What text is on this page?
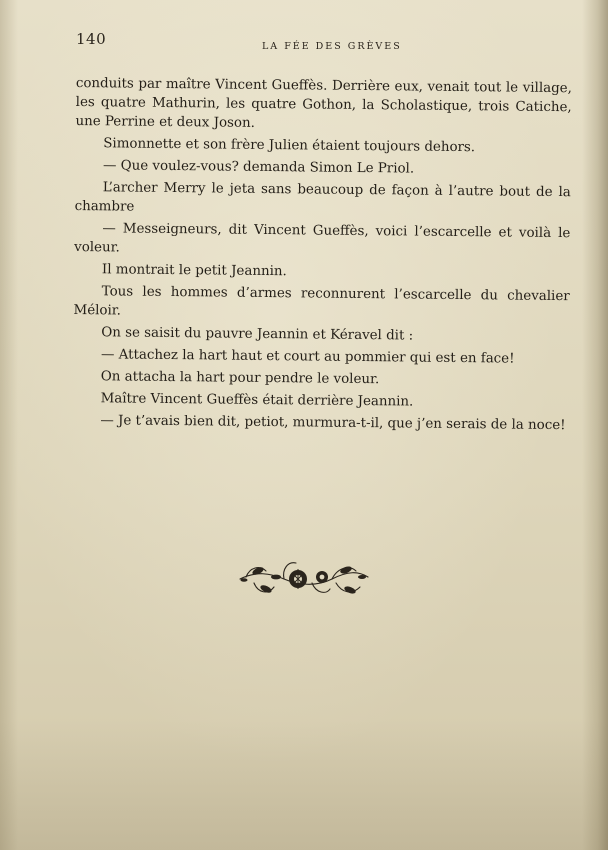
140	LA FÉE DES GRÈVES

conduits par maître Vincent Gueffès. Derrière eux, venait tout le village, les quatre Mathurin, les quatre Gothon, la Scholastique, trois Catiche, une Perrine et deux Joson.

Simonnette et son frère Julien étaient toujours dehors.

— Que voulez-vous? demanda Simon Le Priol.

L’archer Merry le jeta sans beaucoup de façon à l’autre bout de la chambre

— Messeigneurs, dit Vincent Gueffès, voici l’escarcelle et voilà le voleur.

Il montrait le petit Jeannin.

Tous les hommes d’armes reconnurent l’escarcelle du chevalier Méloir.

On se saisit du pauvre Jeannin et Kéravel dit :

— Attachez la hart haut et court au pommier qui est en face!

On attacha la hart pour pendre le voleur.

Maître Vincent Gueffès était derrière Jeannin.

— Je t’avais bien dit, petiot, murmura-t-il, que j’en serais de la noce!
